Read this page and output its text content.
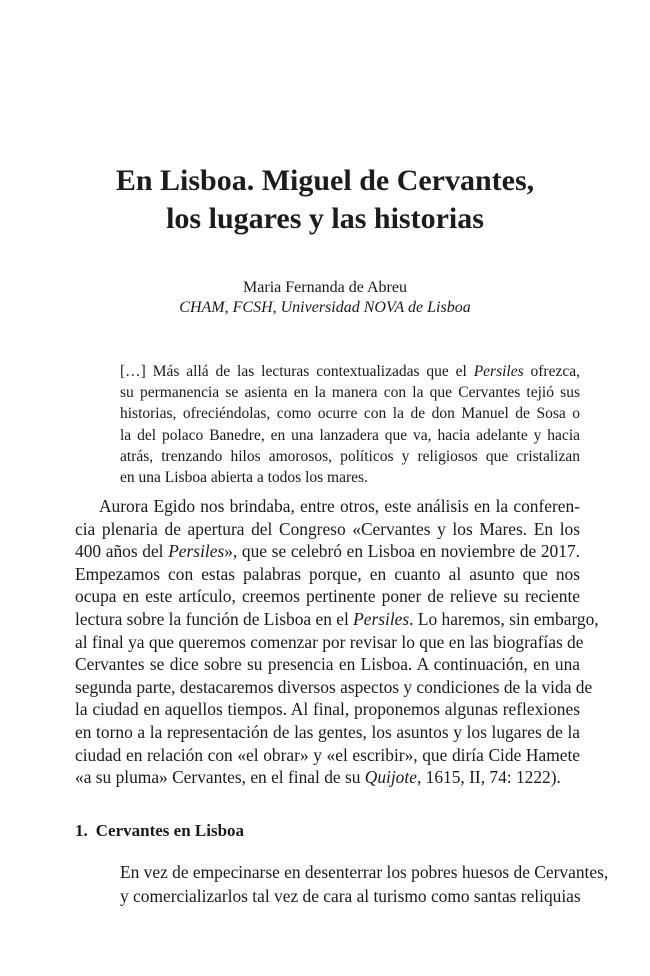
En Lisboa. Miguel de Cervantes,
los lugares y las historias
Maria Fernanda de Abreu
CHAM, FCSH, Universidad NOVA de Lisboa
[…] Más allá de las lecturas contextualizadas que el Persiles ofrezca,
su permanencia se asienta en la manera con la que Cervantes tejió sus
historias, ofreciéndolas, como ocurre con la de don Manuel de Sosa o
la del polaco Banedre, en una lanzadera que va, hacia adelante y hacia
atrás, trenzando hilos amorosos, políticos y religiosos que cristalizan
en una Lisboa abierta a todos los mares.
Aurora Egido nos brindaba, entre otros, este análisis en la conferen-
cia plenaria de apertura del Congreso «Cervantes y los Mares. En los
400 años del Persiles», que se celebró en Lisboa en noviembre de 2017.
Empezamos con estas palabras porque, en cuanto al asunto que nos
ocupa en este artículo, creemos pertinente poner de relieve su reciente
lectura sobre la función de Lisboa en el Persiles. Lo haremos, sin embargo,
al final ya que queremos comenzar por revisar lo que en las biografías de
Cervantes se dice sobre su presencia en Lisboa. A continuación, en una
segunda parte, destacaremos diversos aspectos y condiciones de la vida de
la ciudad en aquellos tiempos. Al final, proponemos algunas reflexiones
en torno a la representación de las gentes, los asuntos y los lugares de la
ciudad en relación con «el obrar» y «el escribir», que diría Cide Hamete
«a su pluma» Cervantes, en el final de su Quijote, 1615, II, 74: 1222).
1. Cervantes en Lisboa
En vez de empecinarse en desenterrar los pobres huesos de Cervantes,
y comercializarlos tal vez de cara al turismo como santas reliquias
